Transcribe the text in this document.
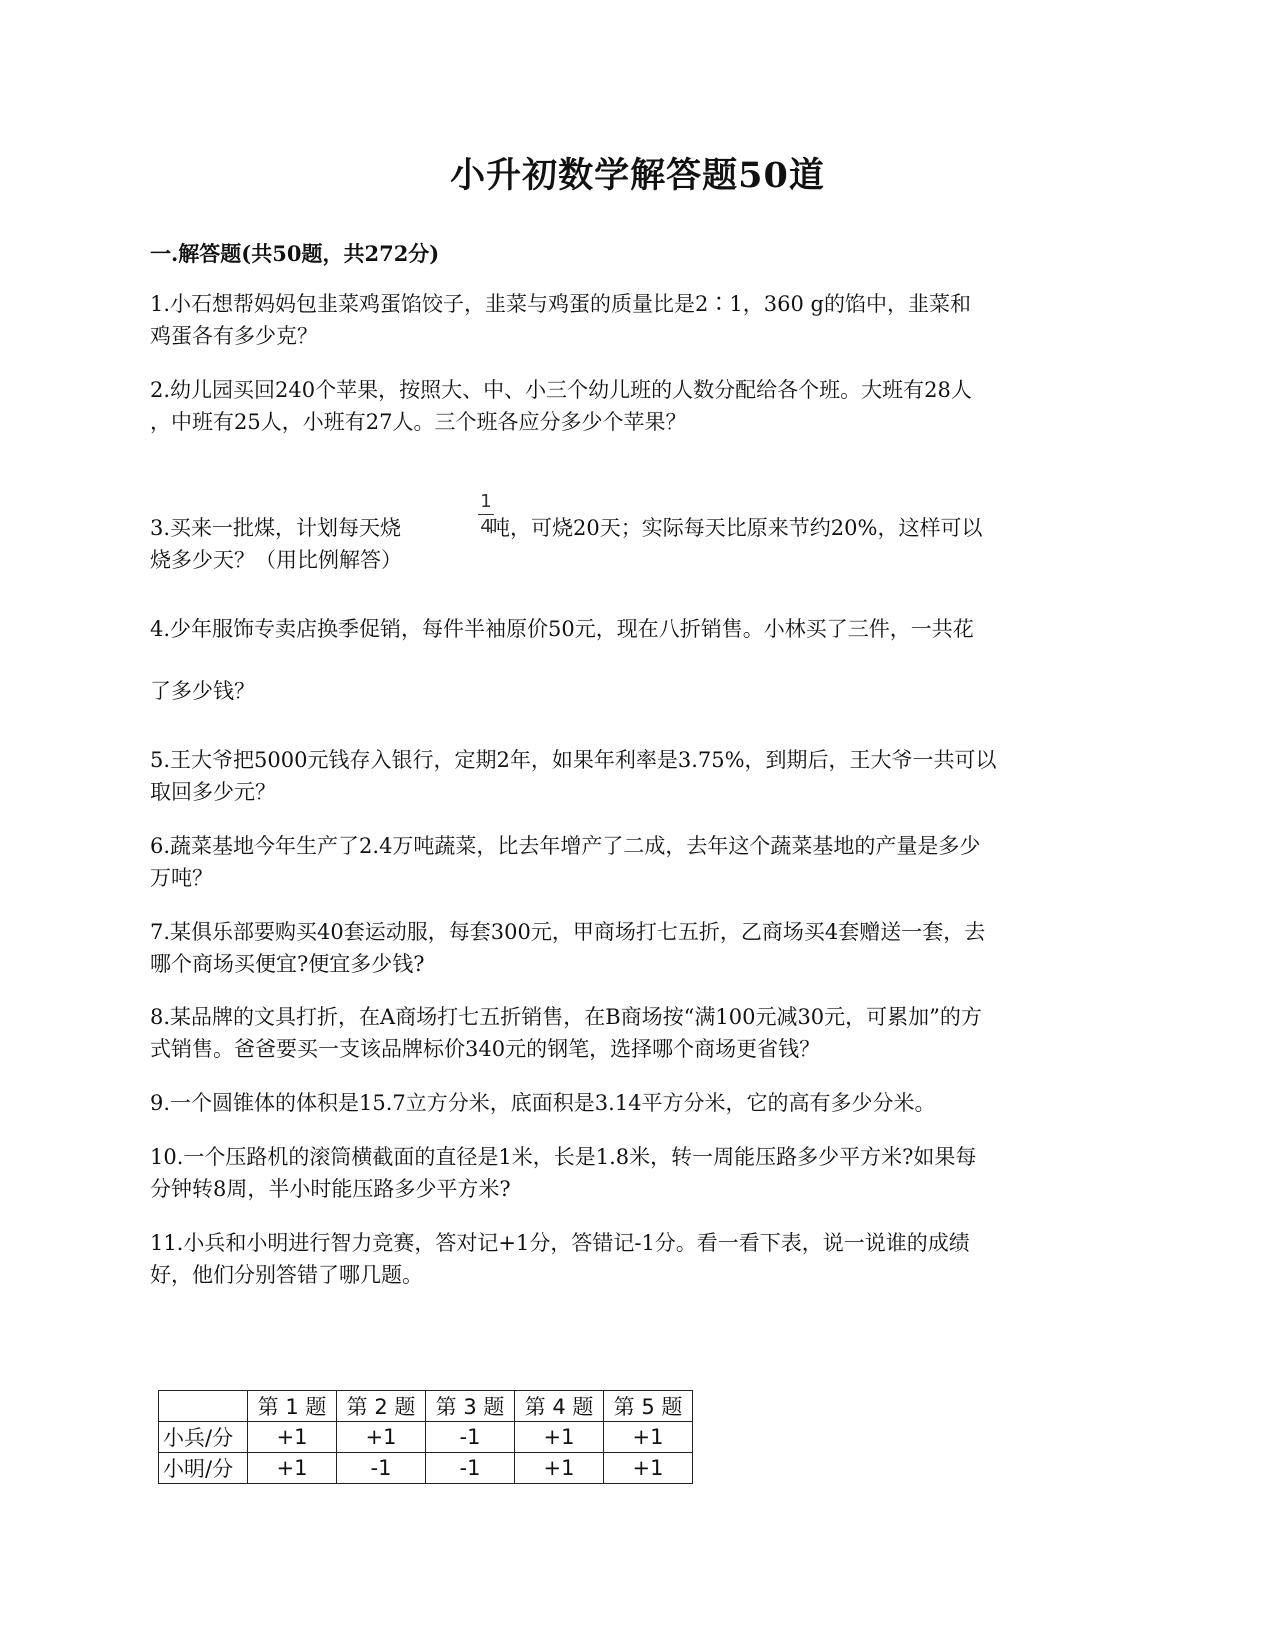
小升初数学解答题50道
一.解答题(共50题，共272分)
1.小石想帮妈妈包韭菜鸡蛋馅饺子，韭菜与鸡蛋的质量比是2∶1，360 g的馅中，韭菜和
鸡蛋各有多少克？
2.幼儿园买回240个苹果，按照大、中、小三个幼儿班的人数分配给各个班。大班有28人
，中班有25人，小班有27人。三个班各应分多少个苹果？
1
4
3.买来一批煤，计划每天烧	吨，可烧20天；实际每天比原来节约20%，这样可以
烧多少天？（用比例解答）
4.少年服饰专卖店换季促销，每件半袖原价50元，现在八折销售。小林买了三件，一共花
了多少钱？
5.王大爷把5000元钱存入银行，定期2年，如果年利率是3.75%，到期后，王大爷一共可以
取回多少元？
6.蔬菜基地今年生产了2.4万吨蔬菜，比去年增产了二成，去年这个蔬菜基地的产量是多少
万吨？
7.某俱乐部要购买40套运动服，每套300元，甲商场打七五折，乙商场买4套赠送一套，去
哪个商场买便宜?便宜多少钱?
8.某品牌的文具打折，在A商场打七五折销售，在B商场按“满100元减30元，可累加”的方
式销售。爸爸要买一支该品牌标价340元的钢笔，选择哪个商场更省钱？
9.一个圆锥体的体积是15.7立方分米，底面积是3.14平方分米，它的高有多少分米。
10.一个压路机的滚筒横截面的直径是1米，长是1.8米，转一周能压路多少平方米?如果每
分钟转8周，半小时能压路多少平方米?
11.小兵和小明进行智力竞赛，答对记+1分，答错记-1分。看一看下表，说一说谁的成绩
好，他们分别答错了哪几题。
	第 1 题	第 2 题	第 3 题	第 4 题	第 5 题
小兵/分	+1	+1	-1	+1	+1
小明/分	+1	-1	-1	+1	+1
